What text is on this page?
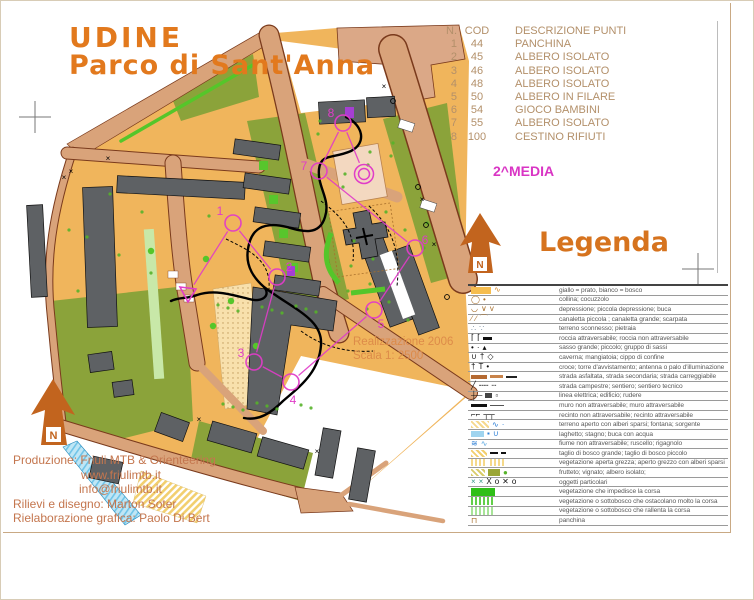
×
×
×
×
×
×
×
×
1
2
3
4
5
6
7
8
N
N
UDINE
Parco di Sant'Anna
N.	COD	DESCRIZIONE PUNTI
1	44	PANCHINA
2	45	ALBERO ISOLATO
3	46	ALBERO ISOLATO
4	48	ALBERO ISOLATO
5	50	ALBERO IN FILARE
6	54	GIOCO BAMBINI
7	55	ALBERO ISOLATO
8	100	CESTINO RIFIUTI
2^MEDIA
Legenda
∿	giallo = prato, bianco = bosco
◯ •	collina; cocuzzolo
◡ ∨ v	depressione; piccola depressione; buca
∕ ∕ ⌒	canaletta piccola ; canaletta grande; scarpata
∴ ∵	terreno sconnesso; pietraia
⌈ ⌈	roccia attraversabile; roccia non attraversabile
• · ▴	sasso grande; piccolo; gruppo di sassi
∪ † ◇	caverna; mangiatoia; cippo di confine
† T •	croce; torre d'avvistamento; antenna o palo d'illuminazione
strada asfaltata, strada secondaria; strada carreggiabile
╱ ╌╌ ┄	strada campestre; sentiero; sentiero tecnico
┼─ ▫	linea elettrica; edificio; rudere
muro non attraversabile; muro attraversabile
⌐⌐ ┬┬	recinto non attraversabile; recinto attraversabile
∿ ·	terreno aperto con alberi sparsi; fontana; sorgente
▪ ∪	laghetto; stagno; buca con acqua
≋ ∿	fiume non attraversabile; ruscello; rigagnolo
taglio di bosco grande; taglio di bosco piccolo
vegetazione aperta grezza; aperto grezzo con alberi sparsi
●	frutteto; vignato; albero isolato;
× × X o ✕ o	oggetti particolari
vegetazione che impedisce la corsa
vegetazione o sottobosco che ostacolano molto la corsa
vegetazione o sottobosco che rallenta la corsa
⊓	panchina
Realizzazione 2006
Scala 1: 2500
Produzione: Friuli MTB & Orienteering
www.friulimtb.it
info@friulimtb.it
Rilievi e disegno: Marton Soter
Rielaborazione grafica: Paolo Di Bert
